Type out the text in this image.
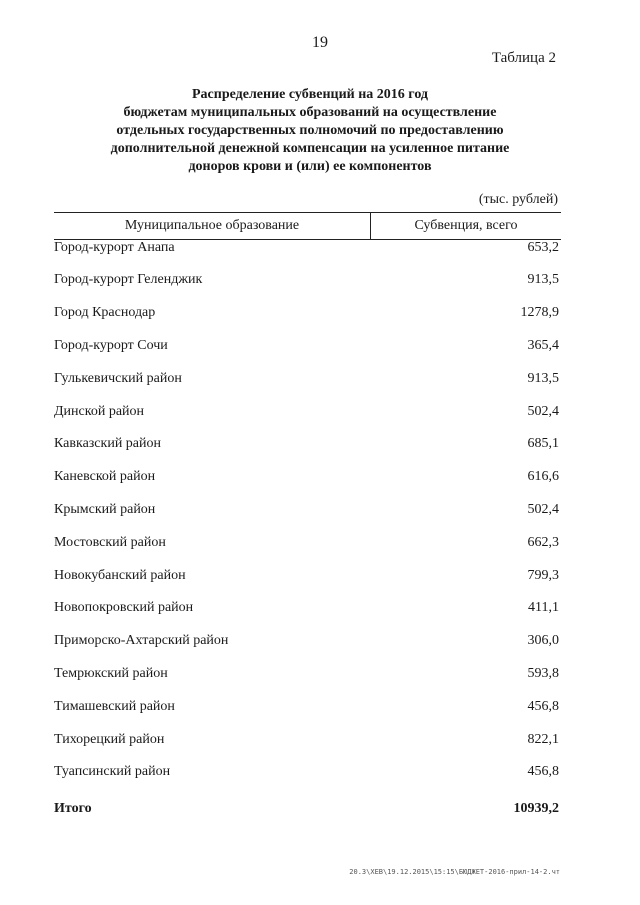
19
Таблица 2
Распределение субвенций на 2016 год
бюджетам муниципальных образований на осуществление
отдельных государственных полномочий по предоставлению
дополнительной денежной компенсации на усиленное питание
доноров крови и (или) ее компонентов
(тыс. рублей)
Муниципальное образование	Субвенция, всего
Город-курорт Анапа	653,2
Город-курорт Геленджик	913,5
Город Краснодар	1278,9
Город-курорт Сочи	365,4
Гулькевичский район	913,5
Динской район	502,4
Кавказский район	685,1
Каневской район	616,6
Крымский район	502,4
Мостовский район	662,3
Новокубанский район	799,3
Новопокровский район	411,1
Приморско-Ахтарский район	306,0
Темрюкский район	593,8
Тимашевский район	456,8
Тихорецкий район	822,1
Туапсинский район	456,8
Итого	10939,2
20.3\ХЕВ\19.12.2015\15:15\БЮДЖЕТ-2016-прил-14-2.чт
